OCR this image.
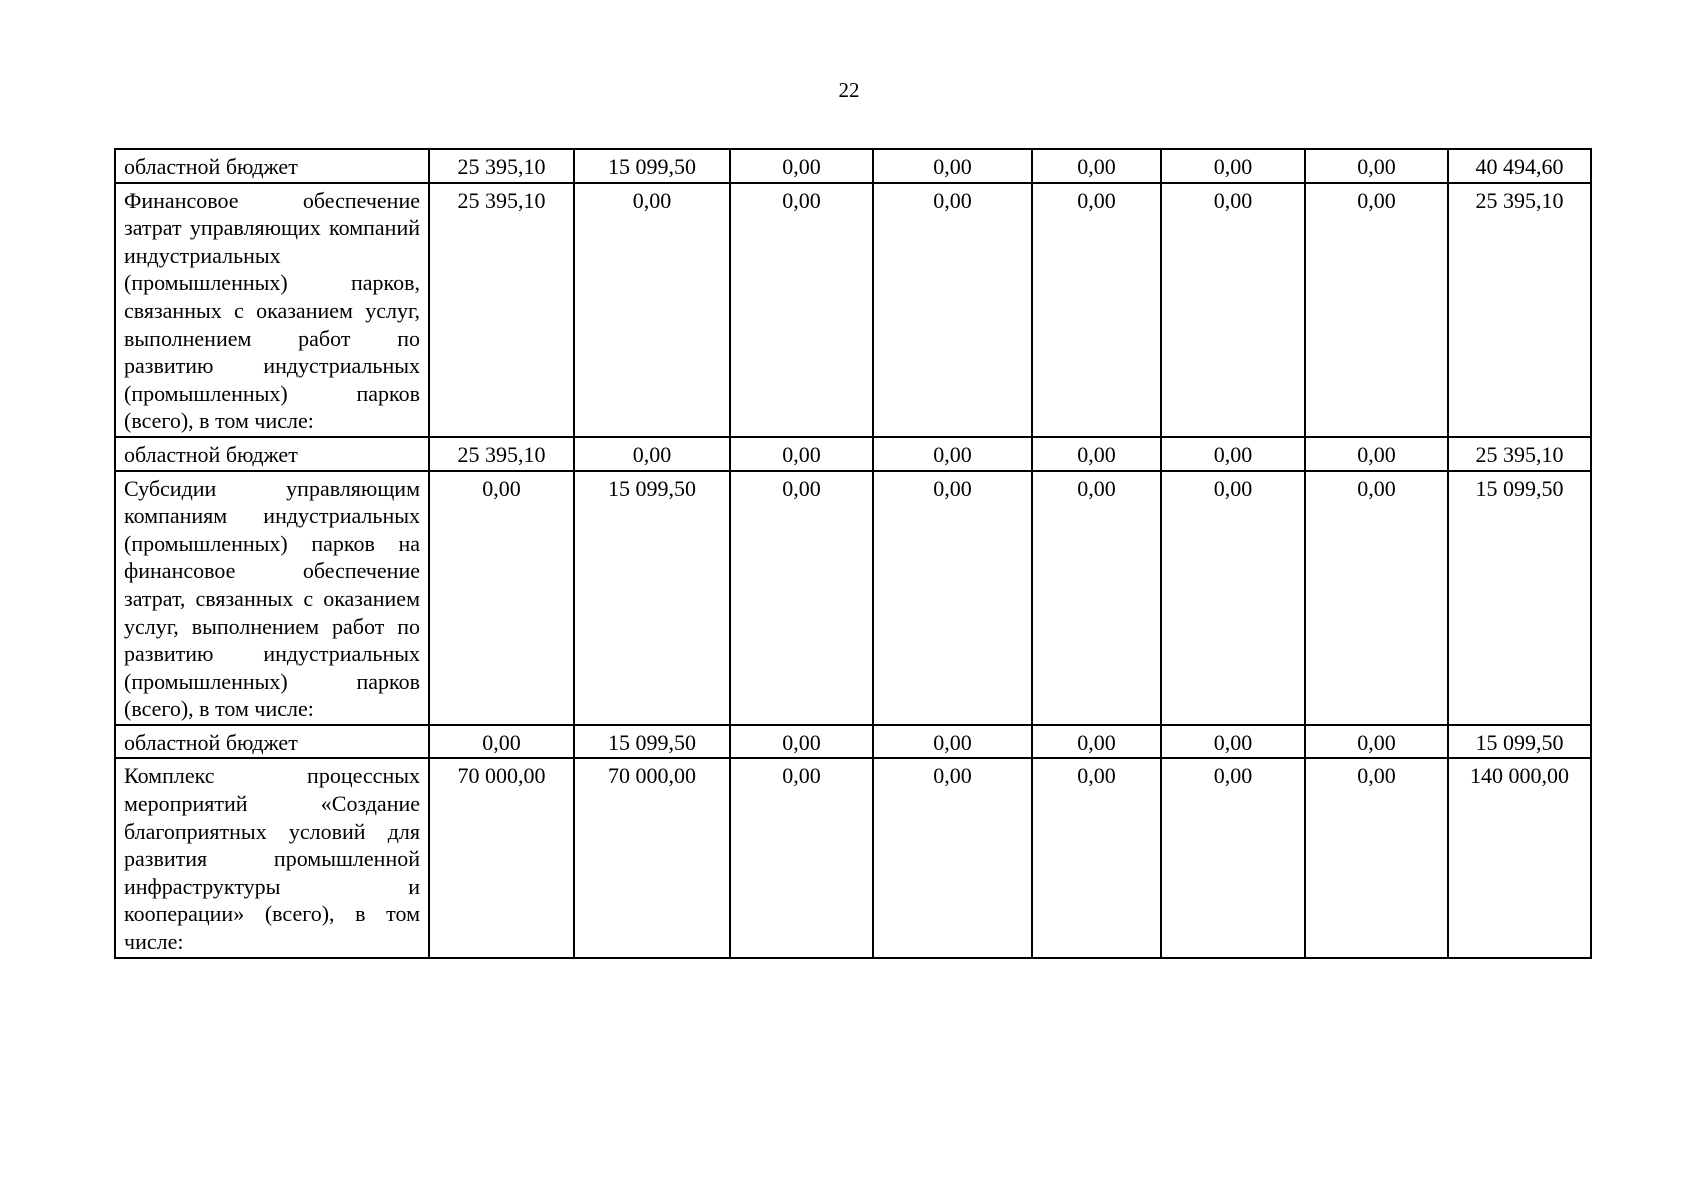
22
областной бюджет	25 395,10	15 099,50	0,00	0,00	0,00	0,00	0,00	40 494,60
Финансовое обеспечение затрат управляющих компаний индустриальных (промышленных) парков, связанных с оказанием услуг, выполнением работ по развитию индустриальных (промышленных) парков (всего), в том числе:	25 395,10	0,00	0,00	0,00	0,00	0,00	0,00	25 395,10
областной бюджет	25 395,10	0,00	0,00	0,00	0,00	0,00	0,00	25 395,10
Субсидии управляющим компаниям индустриальных (промышленных) парков на финансовое обеспечение затрат, связанных с оказанием услуг, выполнением работ по развитию индустриальных (промышленных) парков (всего), в том числе:	0,00	15 099,50	0,00	0,00	0,00	0,00	0,00	15 099,50
областной бюджет	0,00	15 099,50	0,00	0,00	0,00	0,00	0,00	15 099,50
Комплекс процессных мероприятий «Создание благоприятных условий для развития промышленной инфраструктуры и кооперации» (всего), в том числе:	70 000,00	70 000,00	0,00	0,00	0,00	0,00	0,00	140 000,00
